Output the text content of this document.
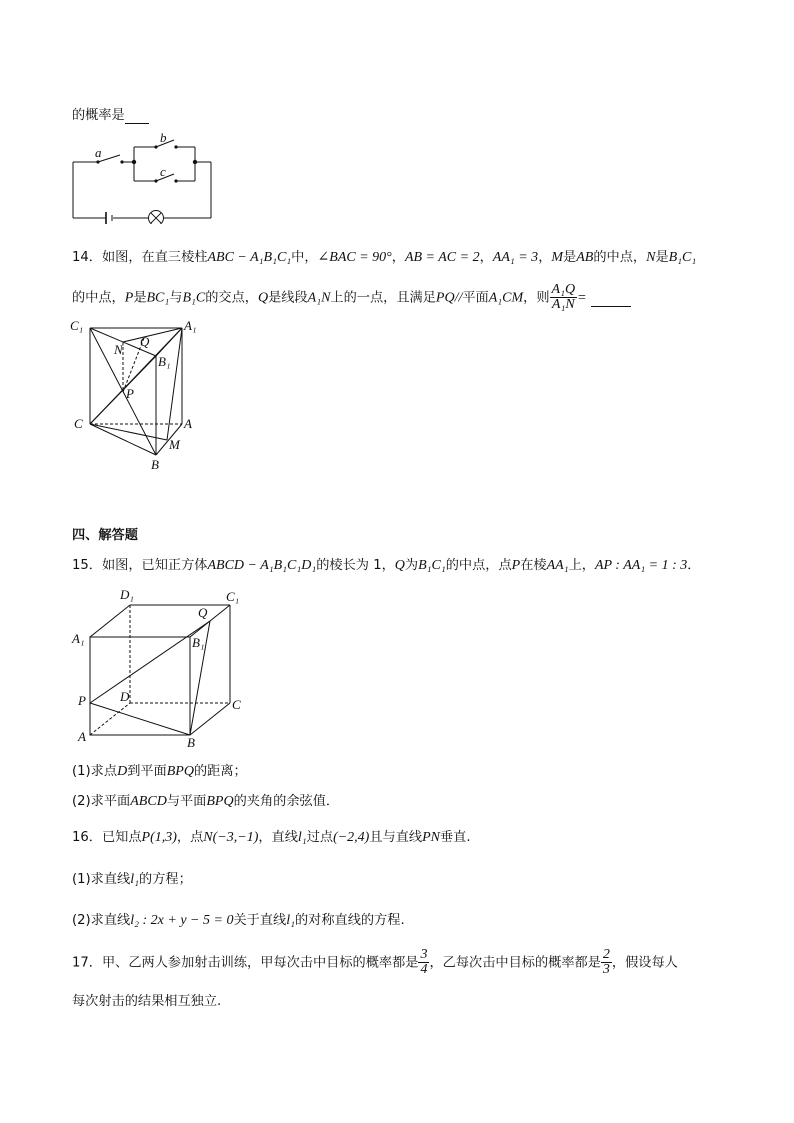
的概率是
a
b
c
14．如图，在直三棱柱ABC − A₁B₁C₁中，∠BAC = 90°，AB = AC = 2，AA₁ = 3，M是AB的中点，N是B₁C₁
的中点，P是BC₁与B₁C的交点，Q是线段A₁N上的一点，且满足PQ//平面A₁CM，则 $\frac{\text{A₁Q}}{\text{A₁N}}$ =
C₁	A₁
B₁
N
Q
P
C	A
M
B
四、解答题
15．如图，已知正方体ABCD − A₁B₁C₁D₁的棱长为 1，Q为B₁C₁的中点，点P在棱AA₁上，AP : AA₁ = 1 : 3．
D₁	C₁
A₁	B₁
Q
P	D
C
A	B
(1)求点D到平面BPQ的距离；
(2)求平面ABCD与平面BPQ的夹角的余弦值．
16．已知点P(1,3)，点N(−3,−1)，直线l₁过点(−2,4)且与直线PN垂直.
(1)求直线l₁的方程；
(2)求直线l₂ : 2x + y − 5 = 0关于直线l₁的对称直线的方程.
17．甲、乙两人参加射击训练，甲每次击中目标的概率都是 $\frac{3}{4}$ ，乙每次击中目标的概率都是 $\frac{2}{3}$ ，假设每人
每次射击的结果相互独立.
